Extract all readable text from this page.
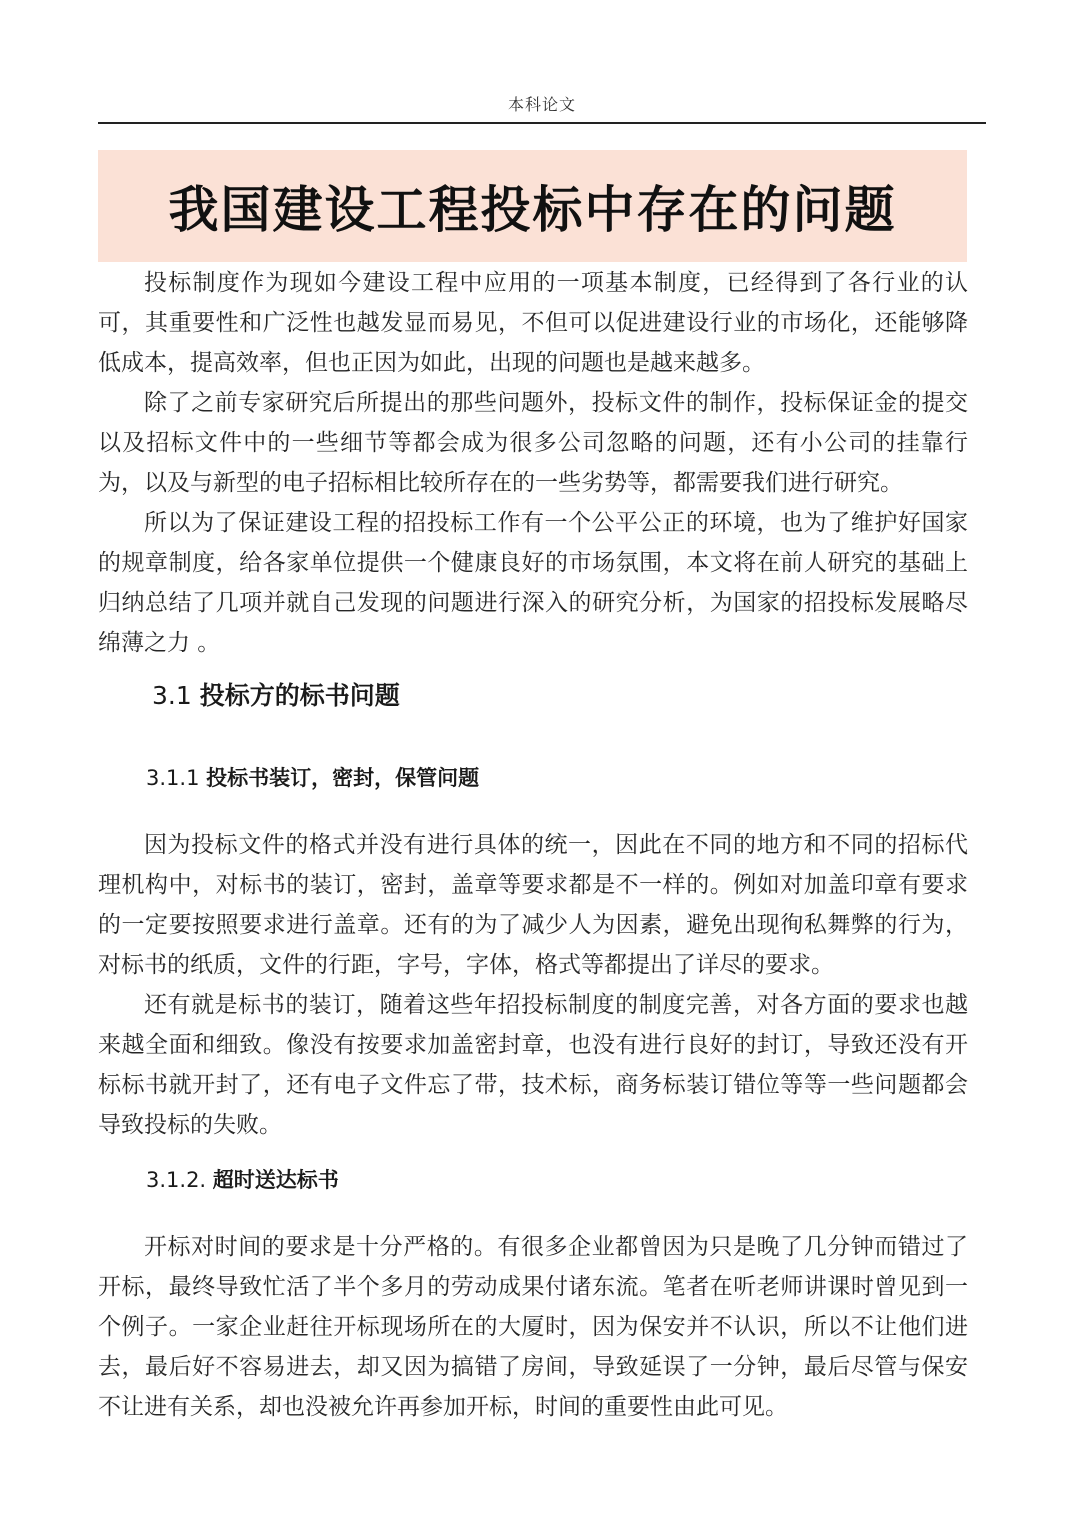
本科论文
我国建设工程投标中存在的问题

投标制度作为现如今建设工程中应用的一项基本制度，已经得到了各行业的认可，其重要性和广泛性也越发显而易见，不但可以促进建设行业的市场化，还能够降低成本，提高效率，但也正因为如此，出现的问题也是越来越多。

除了之前专家研究后所提出的那些问题外，投标文件的制作，投标保证金的提交以及招标文件中的一些细节等都会成为很多公司忽略的问题，还有小公司的挂靠行为，以及与新型的电子招标相比较所存在的一些劣势等，都需要我们进行研究。

所以为了保证建设工程的招投标工作有一个公平公正的环境，也为了维护好国家的规章制度，给各家单位提供一个健康良好的市场氛围，本文将在前人研究的基础上归纳总结了几项并就自己发现的问题进行深入的研究分析，为国家的招投标发展略尽绵薄之力 。

3.1 投标方的标书问题
3.1.1 投标书装订，密封，保管问题

因为投标文件的格式并没有进行具体的统一，因此在不同的地方和不同的招标代理机构中，对标书的装订，密封，盖章等要求都是不一样的。例如对加盖印章有要求的一定要按照要求进行盖章。还有的为了减少人为因素，避免出现徇私舞弊的行为，对标书的纸质，文件的行距，字号，字体，格式等都提出了详尽的要求。

还有就是标书的装订，随着这些年招投标制度的制度完善，对各方面的要求也越来越全面和细致。像没有按要求加盖密封章，也没有进行良好的封订，导致还没有开标标书就开封了，还有电子文件忘了带，技术标，商务标装订错位等等一些问题都会导致投标的失败。

3.1.2. 超时送达标书

开标对时间的要求是十分严格的。有很多企业都曾因为只是晚了几分钟而错过了开标，最终导致忙活了半个多月的劳动成果付诸东流。笔者在听老师讲课时曾见到一个例子。一家企业赶往开标现场所在的大厦时，因为保安并不认识，所以不让他们进去，最后好不容易进去，却又因为搞错了房间，导致延误了一分钟，最后尽管与保安不让进有关系，却也没被允许再参加开标，时间的重要性由此可见。
